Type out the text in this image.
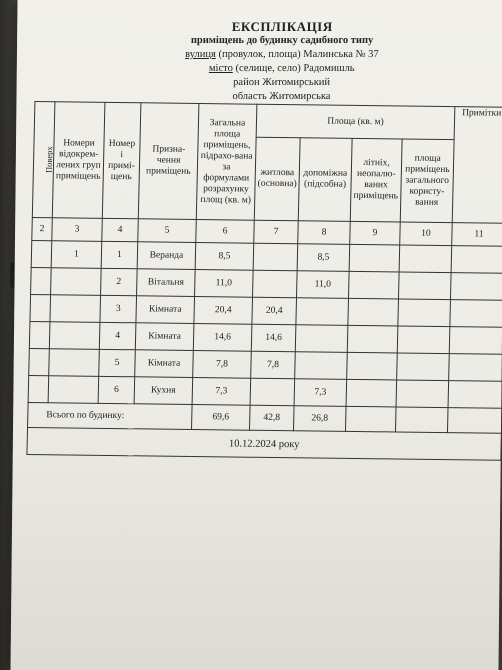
ЕКСПЛІКАЦІЯ
приміщень до будинку садибного типу
вулиця (провулок, площа) Малинська № 37
місто (селище, село) Радомишль
район Житомирський
область Житомирська
Поверх	Номери відокрем-лених груп приміщень	Номер і примі-щень	Призна-чення приміщень	Загальна площа приміщень, підрахо-вана за формулами розрахунку площ (кв. м)	Площа (кв. м)				Примітки
					житлова (основна)	допоміжна (підсобна)	літніх, неопалю-ваних приміщень	площа приміщень загального користу-вання	
2	3	4	5	6	7	8	9	10	11
	1	1	Веранда	8,5		8,5			
		2	Вітальня	11,0		11,0			
		3	Кімната	20,4	20,4				
		4	Кімната	14,6	14,6				
		5	Кімната	7,8	7,8				
		6	Кухня	7,3		7,3			
Всього по будинку:				69,6	42,8	26,8			
10.12.2024 року									
